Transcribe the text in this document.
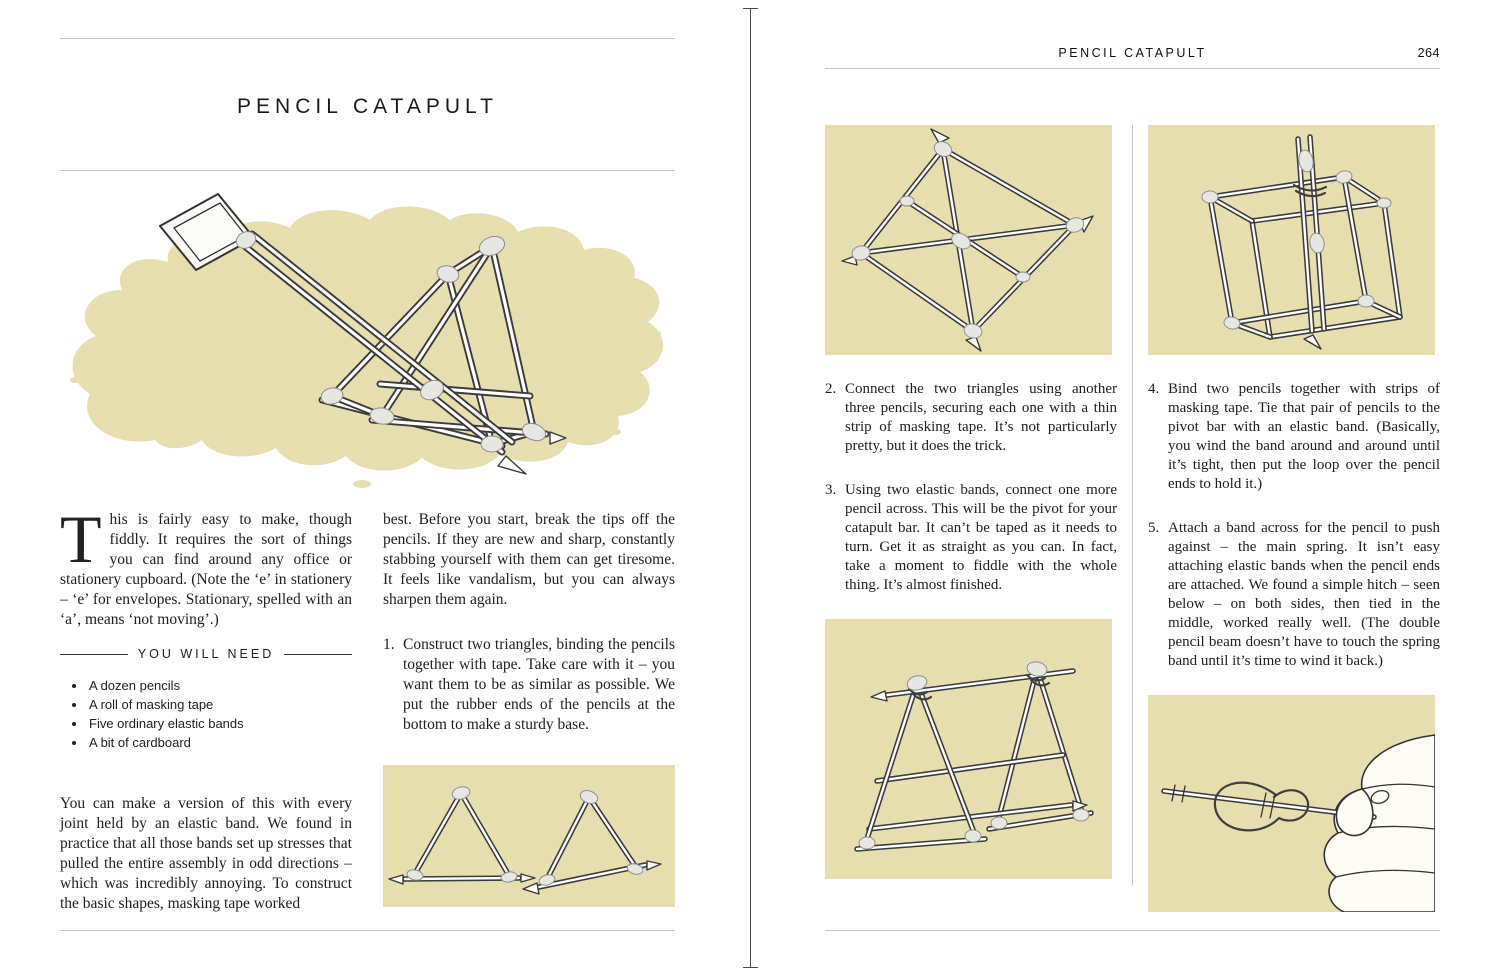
PENCIL CATAPULT

This is fairly easy to make, though fiddly. It requires the sort of things you can find around any office or stationery cupboard. (Note the ‘e’ in stationery – ‘e’ for envelopes. Stationary, spelled with an ‘a’, means ‘not moving’.)

YOU WILL NEED
A dozen pencils
A roll of masking tape
Five ordinary elastic bands
A bit of cardboard

You can make a version of this with every joint held by an elastic band. We found in practice that all those bands set up stresses that pulled the entire assembly in odd directions – which was incredibly annoying. To construct the basic shapes, masking tape worked

best. Before you start, break the tips off the pencils. If they are new and sharp, constantly stabbing yourself with them can get tiresome. It feels like vandalism, but you can always sharpen them again.

1. Construct two triangles, binding the pencils together with tape. Take care with it – you want them to be as similar as possible. We put the rubber ends of the pencils at the bottom to make a sturdy base.
PENCIL CATAPULT	264
2. Connect the two triangles using another three pencils, securing each one with a thin strip of masking tape. It’s not particularly pretty, but it does the trick.
3. Using two elastic bands, connect one more pencil across. This will be the pivot for your catapult bar. It can’t be taped as it needs to turn. Get it as straight as you can. In fact, take a moment to fiddle with the whole thing. It’s almost finished.
4. Bind two pencils together with strips of masking tape. Tie that pair of pencils to the pivot bar with an elastic band. (Basically, you wind the band around and around until it’s tight, then put the loop over the pencil ends to hold it.)
5. Attach a band across for the pencil to push against – the main spring. It isn’t easy attaching elastic bands when the pencil ends are attached. We found a simple hitch – seen below – on both sides, then tied in the middle, worked really well. (The double pencil beam doesn’t have to touch the spring band until it’s time to wind it back.)
